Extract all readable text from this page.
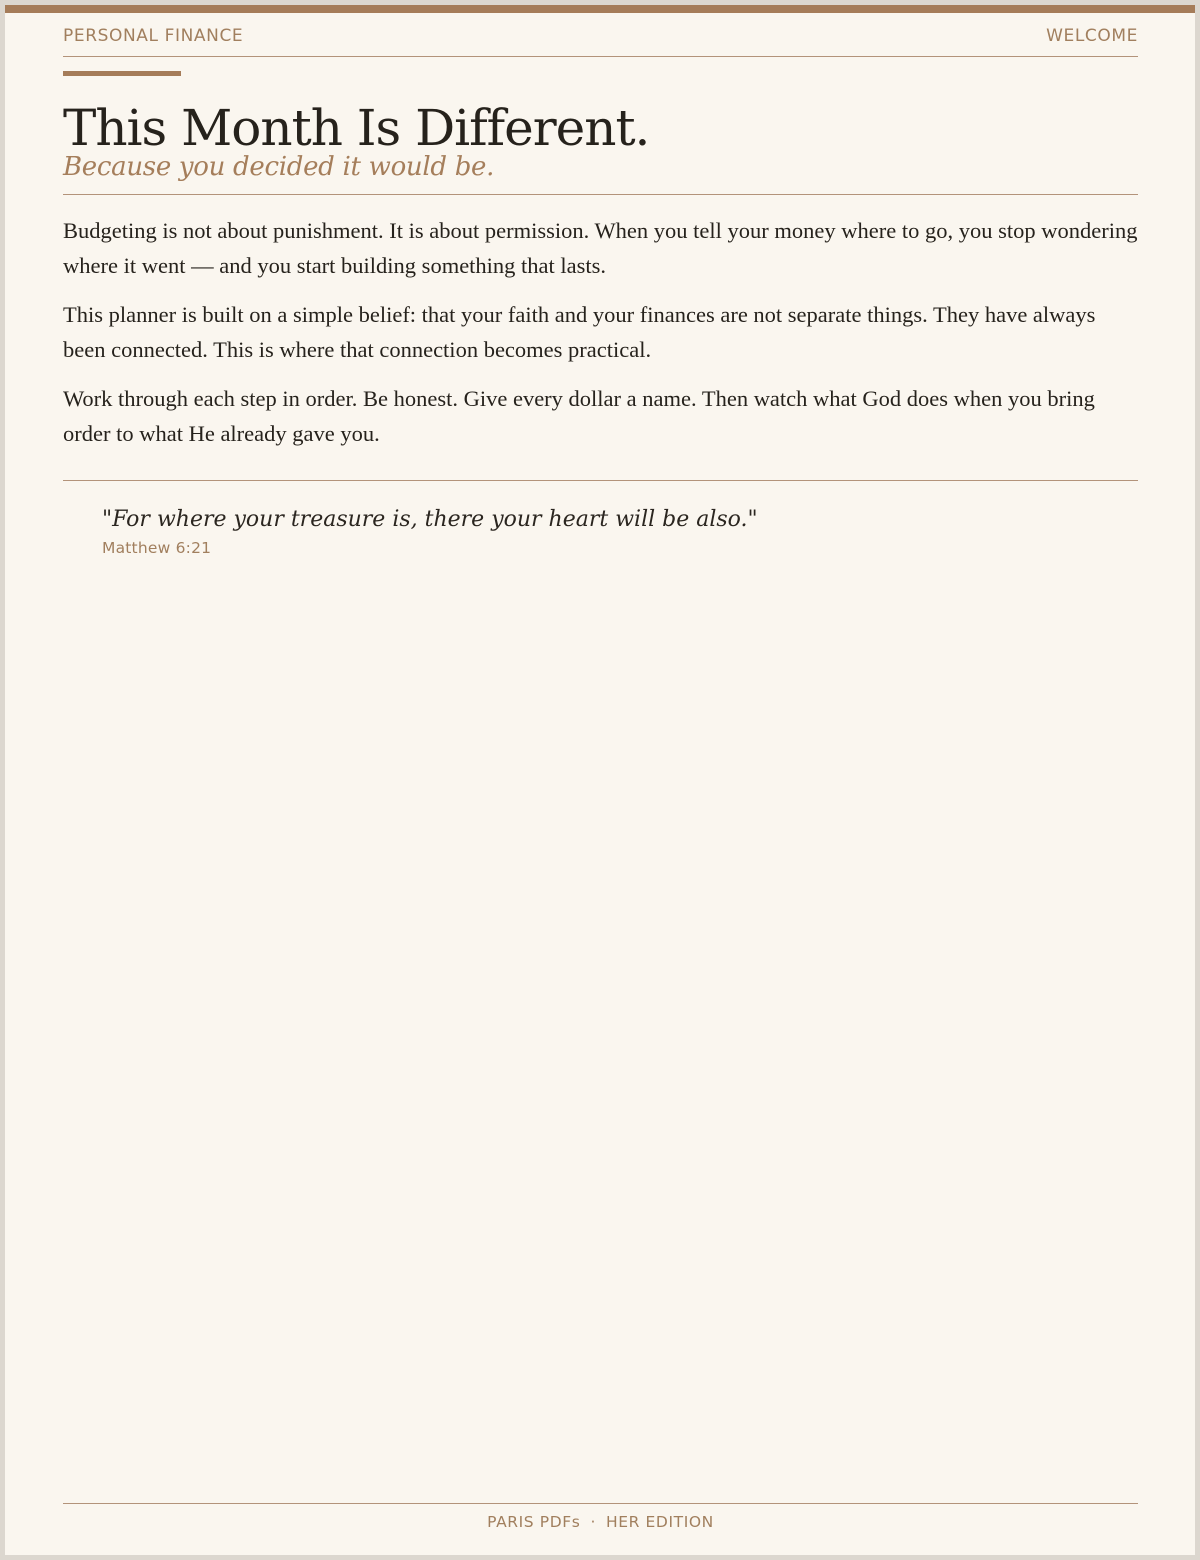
PERSONAL FINANCE	WELCOME
This Month Is Different.
Because you decided it would be.

Budgeting is not about punishment. It is about permission. When you tell your money where to go, you stop wondering where it went — and you start building something that lasts.

This planner is built on a simple belief: that your faith and your finances are not separate things. They have always been connected. This is where that connection becomes practical.

Work through each step in order. Be honest. Give every dollar a name. Then watch what God does when you bring order to what He already gave you.

"For where your treasure is, there your heart will be also."
Matthew 6:21
PARIS PDFs · HER EDITION
